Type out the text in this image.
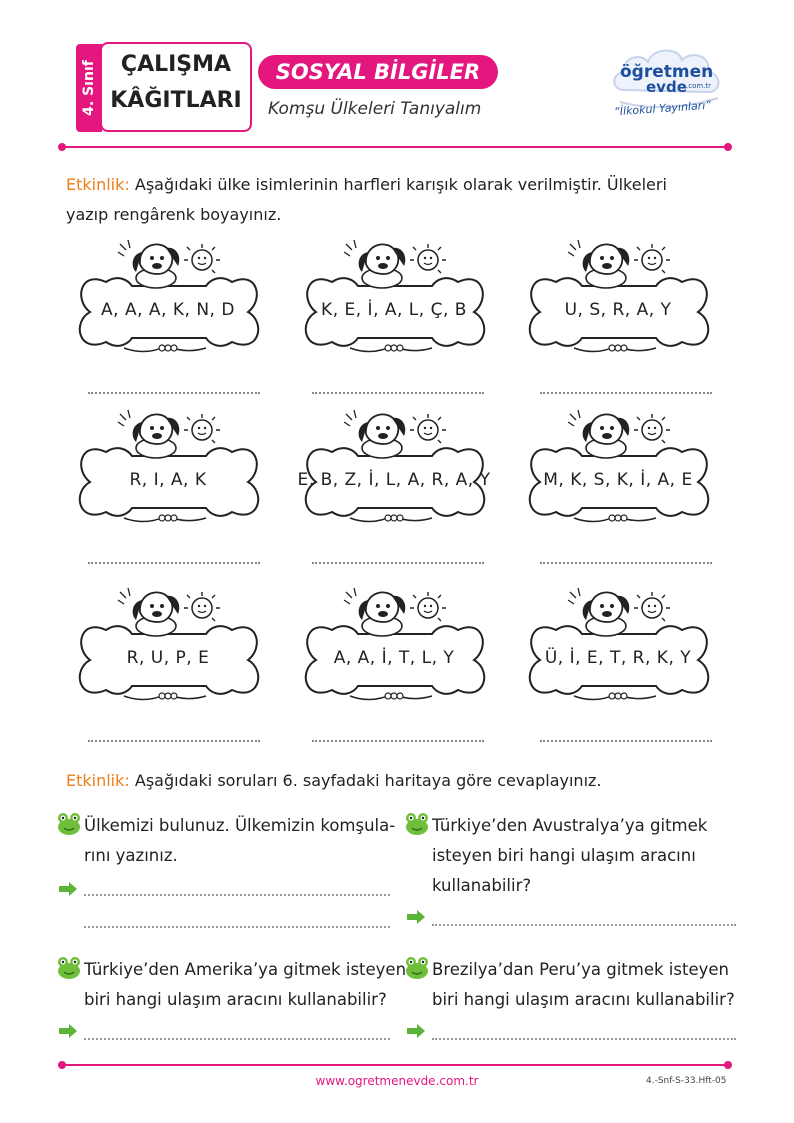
4. Sınıf	ÇALIŞMA
KÂĞITLARI
SOSYAL BİLGİLER
Komşu Ülkeleri Tanıyalım
öğretmen
evde .com.tr
“İlkokul Yayınları”
Etkinlik: Aşağıdaki ülke isimlerinin harfleri karışık olarak verilmiştir. Ülkeleri
yazıp rengârenk boyayınız.
A, A, A, K, N, D	K, E, İ, A, L, Ç, B	U, S, R, A, Y
R, I, A, K	E, B, Z, İ, L, A, R, A, Y	M, K, S, K, İ, A, E
R, U, P, E	A, A, İ, T, L, Y	Ü, İ, E, T, R, K, Y
Etkinlik: Aşağıdaki soruları 6. sayfadaki haritaya göre cevaplayınız.
Ülkemizi bulunuz. Ülkemizin komşula-
rını yazınız.
Türkiye’den Avustralya’ya gitmek
isteyen biri hangi ulaşım aracını
kullanabilir?
Türkiye’den Amerika’ya gitmek isteyen
biri hangi ulaşım aracını kullanabilir?
Brezilya’dan Peru’ya gitmek isteyen
biri hangi ulaşım aracını kullanabilir?
www.ogretmenevde.com.tr	4.-Snf-S-33.Hft-05
